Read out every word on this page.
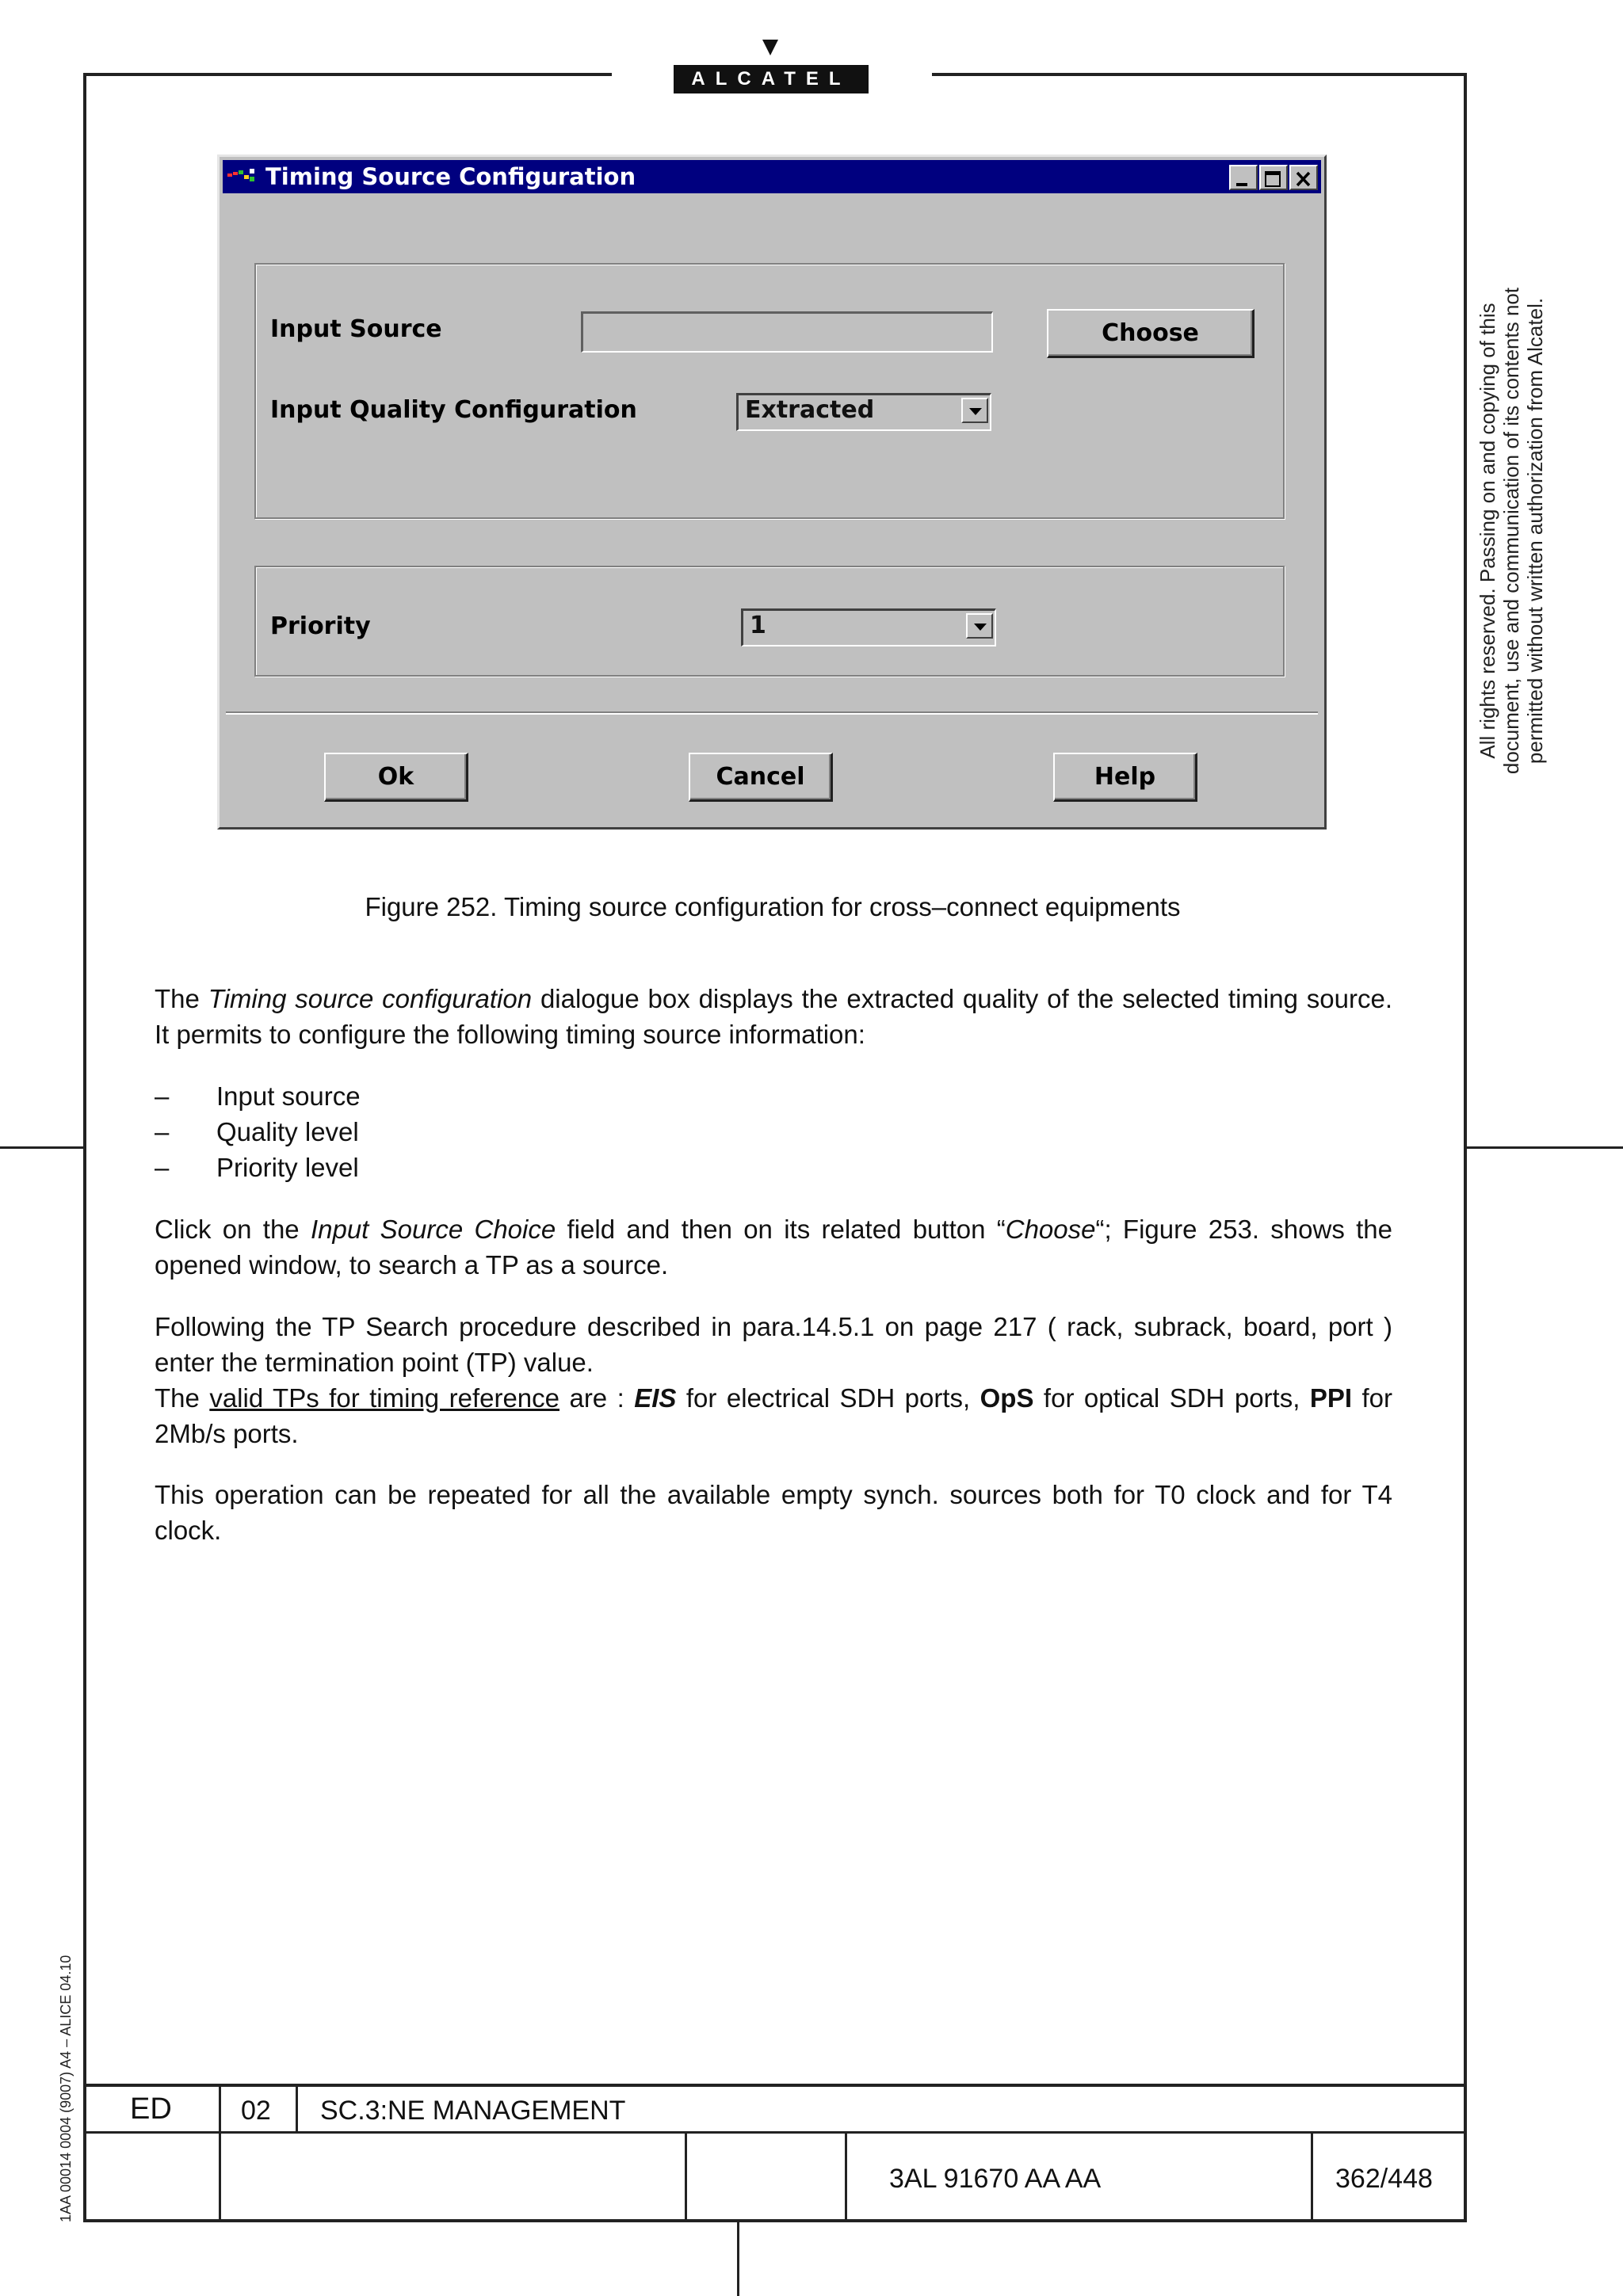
ALCATEL
All rights reserved. Passing on and copying of this document, use and communication of its contents not permitted without written authorization from Alcatel.
1AA 00014 0004 (9007) A4 – ALICE 04.10
Timing Source Configuration
Input Source	Choose
Input Quality Configuration	Extracted
Priority	1
Ok	Cancel	Help
Figure 252. Timing source configuration for cross–connect equipments
The Timing source configuration dialogue box displays the extracted quality of the selected timing source. It permits to configure the following timing source information:
– Input source
– Quality level
– Priority level
Click on the Input Source Choice field and then on its related button “Choose“; Figure 253. shows the opened window, to search a TP as a source.
Following the TP Search procedure described in para.14.5.1 on page 217 ( rack, subrack, board, port ) enter the termination point (TP) value.
The valid TPs for timing reference are : EIS for electrical SDH ports, OpS for optical SDH ports, PPI for 2Mb/s ports.
This operation can be repeated for all the available empty synch. sources both for T0 clock and for T4 clock.
ED	02 SC.3:NE MANAGEMENT
3AL 91670 AA AA	362/448
